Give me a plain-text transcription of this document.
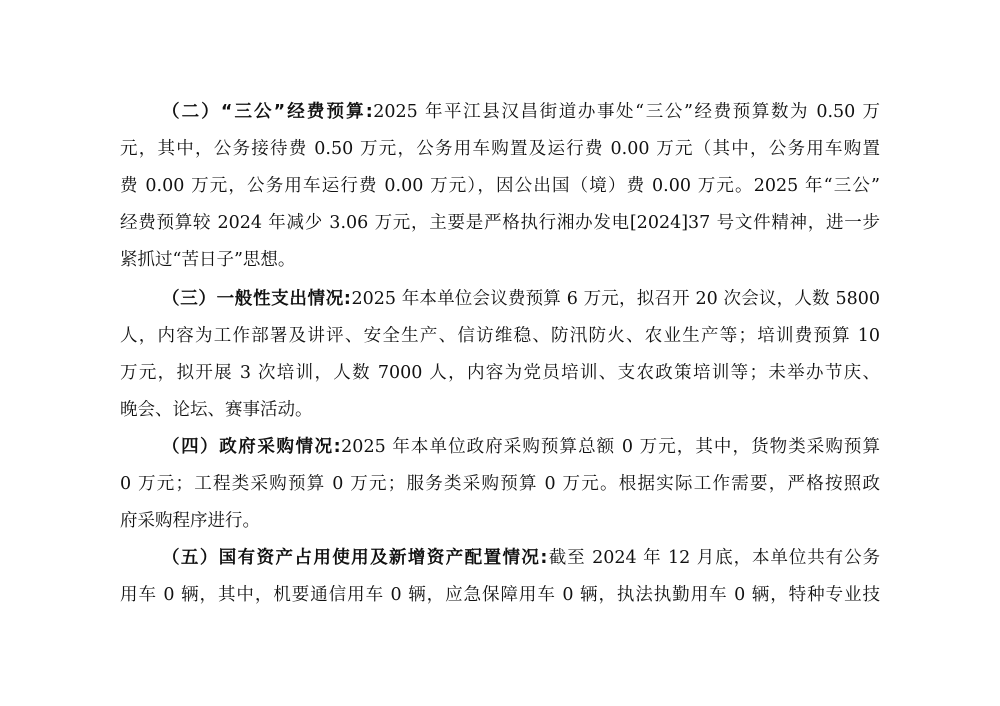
（二）“三公”经费预算:2025 年平江县汉昌街道办事处“三公”经费预算数为 0.50 万
元，其中，公务接待费 0.50 万元，公务用车购置及运行费 0.00 万元（其中，公务用车购置
费 0.00 万元，公务用车运行费 0.00 万元），因公出国（境）费 0.00 万元。2025 年“三公”
经费预算较 2024 年减少 3.06 万元，主要是严格执行湘办发电[2024]37 号文件精神，进一步
紧抓过“苦日子”思想。
（三）一般性支出情况:2025 年本单位会议费预算 6 万元，拟召开 20 次会议，人数 5800
人，内容为工作部署及讲评、安全生产、信访维稳、防汛防火、农业生产等；培训费预算 10
万元，拟开展 3 次培训，人数 7000 人，内容为党员培训、支农政策培训等；未举办节庆、
晚会、论坛、赛事活动。
（四）政府采购情况:2025 年本单位政府采购预算总额 0 万元，其中，货物类采购预算
0 万元；工程类采购预算 0 万元；服务类采购预算 0 万元。根据实际工作需要，严格按照政
府采购程序进行。
（五）国有资产占用使用及新增资产配置情况:截至 2024 年 12 月底，本单位共有公务
用车 0 辆，其中，机要通信用车 0 辆，应急保障用车 0 辆，执法执勤用车 0 辆，特种专业技
